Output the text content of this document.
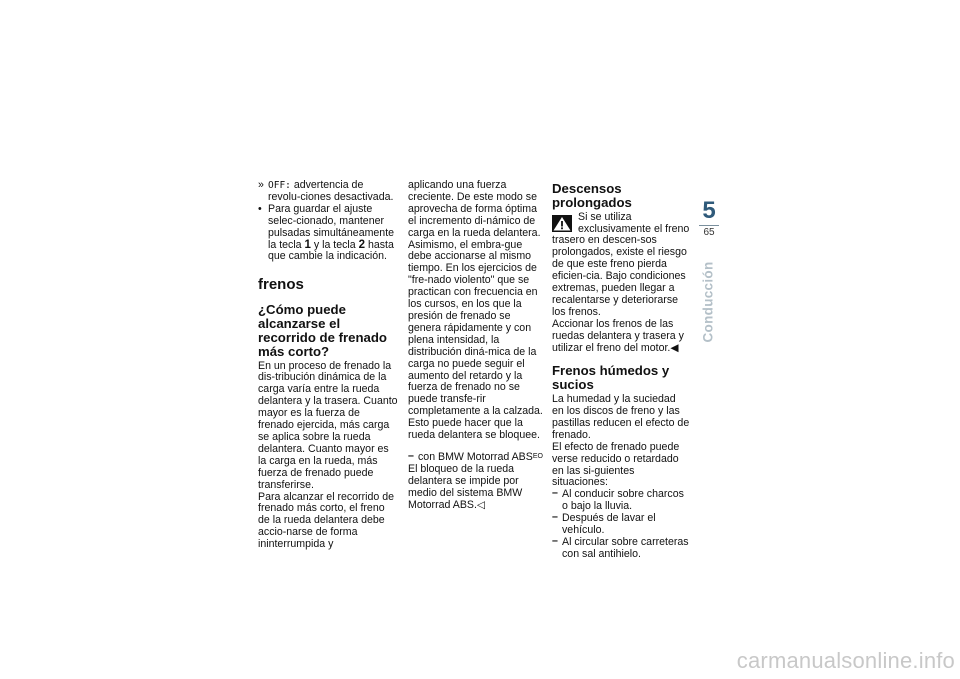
» OFF: advertencia de revolu-ciones desactivada.

• Para guardar el ajuste selec-cionado, mantener pulsadas simultáneamente la tecla 1 y la tecla 2 hasta que cambie la indicación.

frenos
¿Cómo puede alcanzarse el recorrido de frenado más corto?

En un proceso de frenado la dis-tribución dinámica de la carga varía entre la rueda delantera y la trasera. Cuanto mayor es la fuerza de frenado ejercida, más carga se aplica sobre la rueda delantera. Cuanto mayor es la carga en la rueda, más fuerza de frenado puede transferirse.

Para alcanzar el recorrido de frenado más corto, el freno de la rueda delantera debe accio-narse de forma ininterrumpida y

aplicando una fuerza creciente. De este modo se aprovecha de forma óptima el incremento di-námico de carga en la rueda delantera. Asimismo, el embra-gue debe accionarse al mismo tiempo. En los ejercicios de "fre-nado violento" que se practican con frecuencia en los cursos, en los que la presión de frenado se genera rápidamente y con plena intensidad, la distribución diná-mica de la carga no puede seguir el aumento del retardo y la fuerza de frenado no se puede transfe-rir completamente a la calzada. Esto puede hacer que la rueda delantera se bloquee.

– con BMW Motorrad $ABS^{EO}$

El bloqueo de la rueda delantera se impide por medio del sistema BMW Motorrad ABS.◁

Descensos prolongados

Si se utiliza exclusivamente el freno trasero en descen-sos prolongados, existe el riesgo de que este freno pierda eficien-cia. Bajo condiciones extremas, pueden llegar a recalentarse y deteriorarse los frenos.

Accionar los frenos de las ruedas delantera y trasera y utilizar el freno del motor.◀

Frenos húmedos y sucios

La humedad y la suciedad en los discos de freno y las pastillas reducen el efecto de frenado.

El efecto de frenado puede verse reducido o retardado en las si-guientes situaciones:

– Al conducir sobre charcos o bajo la lluvia.

– Después de lavar el vehículo.

– Al circular sobre carreteras con sal antihielo.

5
65
Conducción
carmanualsonline.info
